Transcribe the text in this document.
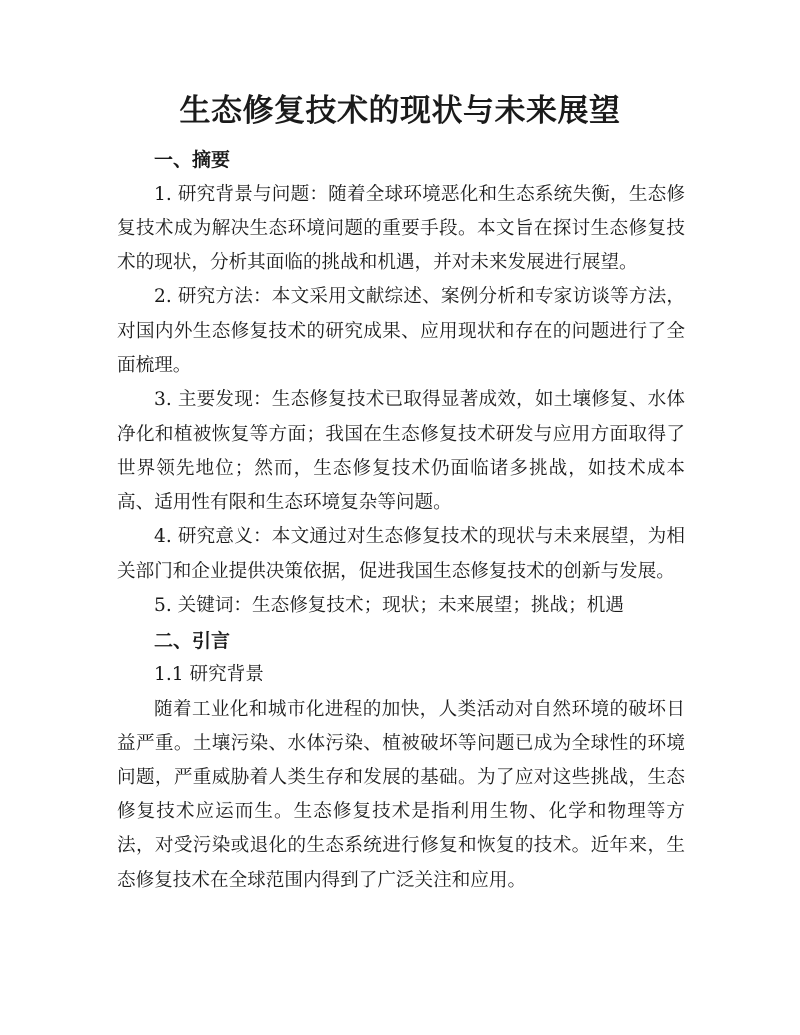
生态修复技术的现状与未来展望
一、摘要

1. 研究背景与问题：随着全球环境恶化和生态系统失衡，生态修复技术成为解决生态环境问题的重要手段。本文旨在探讨生态修复技术的现状，分析其面临的挑战和机遇，并对未来发展进行展望。

2. 研究方法：本文采用文献综述、案例分析和专家访谈等方法，对国内外生态修复技术的研究成果、应用现状和存在的问题进行了全面梳理。

3. 主要发现：生态修复技术已取得显著成效，如土壤修复、水体净化和植被恢复等方面；我国在生态修复技术研发与应用方面取得了世界领先地位；然而，生态修复技术仍面临诸多挑战，如技术成本高、适用性有限和生态环境复杂等问题。

4. 研究意义：本文通过对生态修复技术的现状与未来展望，为相关部门和企业提供决策依据，促进我国生态修复技术的创新与发展。

5. 关键词：生态修复技术；现状；未来展望；挑战；机遇

二、引言
1.1 研究背景

随着工业化和城市化进程的加快，人类活动对自然环境的破坏日益严重。土壤污染、水体污染、植被破坏等问题已成为全球性的环境问题，严重威胁着人类生存和发展的基础。为了应对这些挑战，生态修复技术应运而生。生态修复技术是指利用生物、化学和物理等方法，对受污染或退化的生态系统进行修复和恢复的技术。近年来，生态修复技术在全球范围内得到了广泛关注和应用。
